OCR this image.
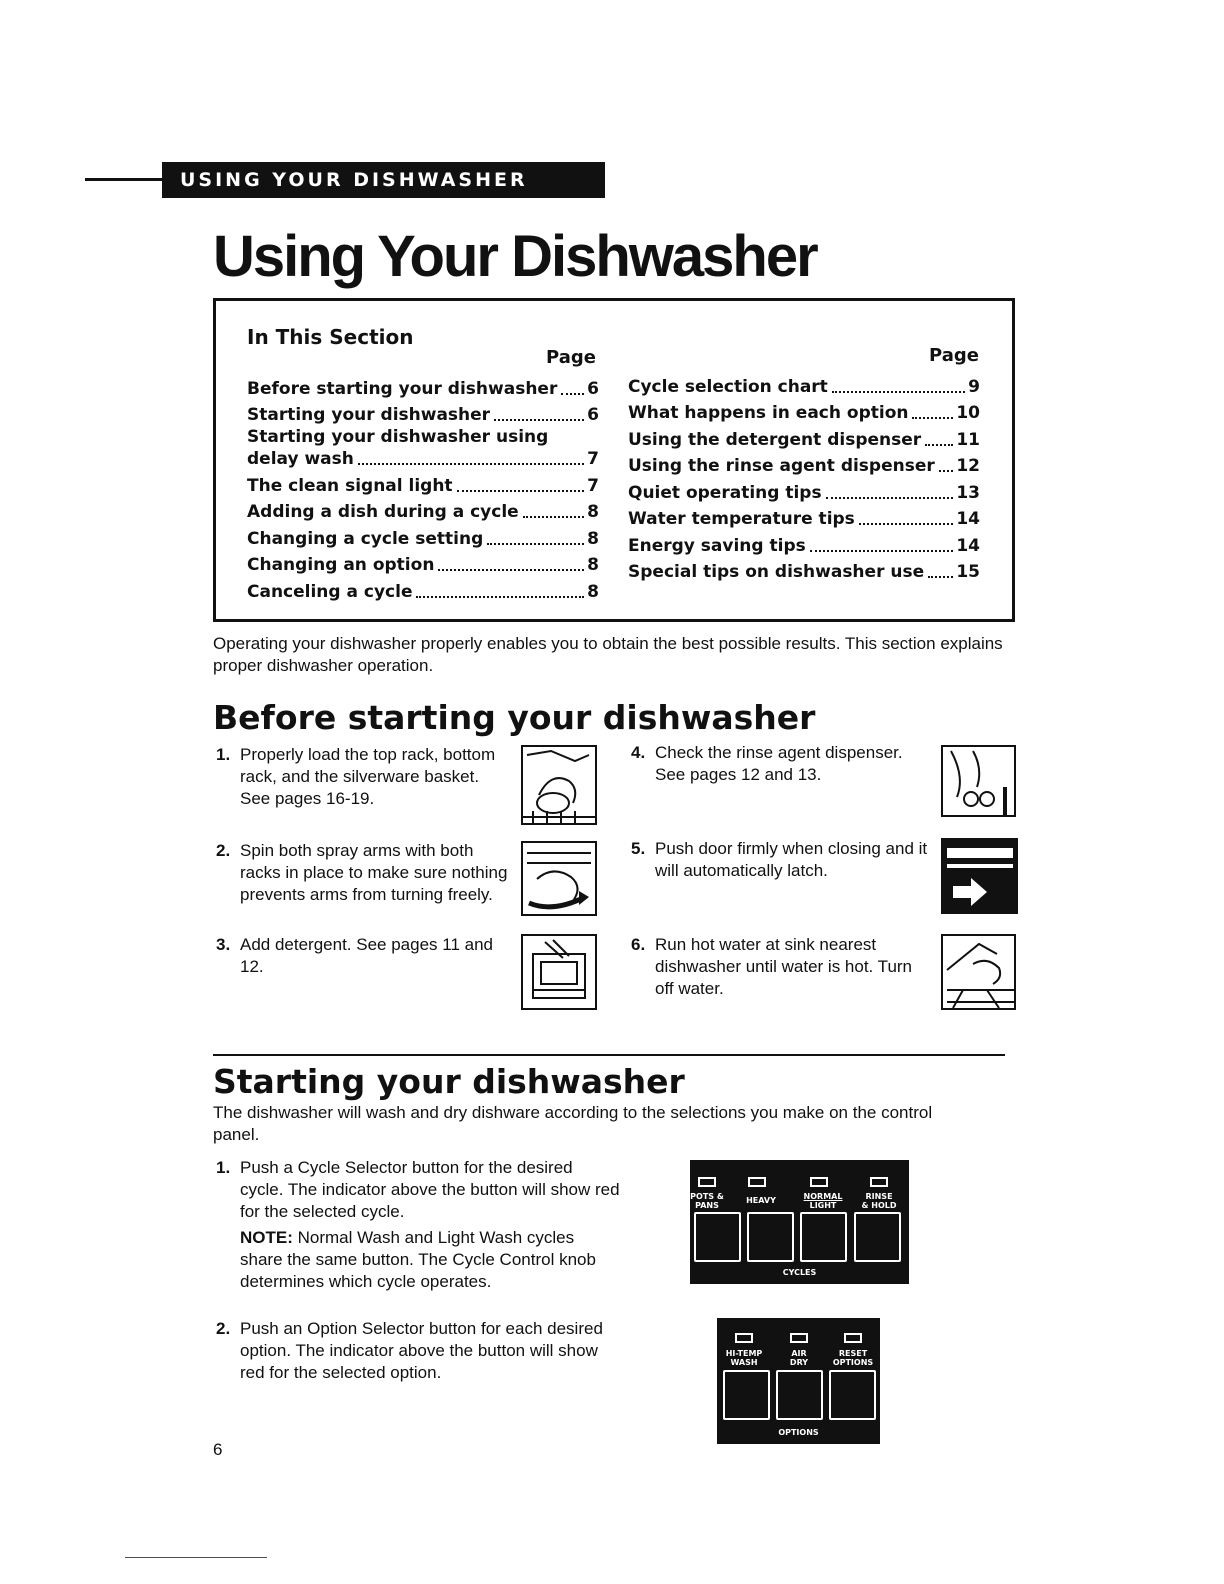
USING YOUR DISHWASHER
Using Your Dishwasher
In This Section
Page	Page
Before starting your dishwasher 6
Starting your dishwasher	6
Starting your dishwasher using
delay wash	7
The clean signal light	7
Adding a dish during a cycle	8
Changing a cycle setting	8
Changing an option	8
Canceling a cycle	8
Cycle selection chart	9
What happens in each option	10
Using the detergent dispenser 11
Using the rinse agent dispenser 12
Quiet operating tips	13
Water temperature tips	14
Energy saving tips	14
Special tips on dishwasher use 15

Operating your dishwasher properly enables you to obtain the best possible results. This section explains proper dishwasher operation.

Before starting your dishwasher
1. Properly load the top rack, bottom rack, and the silverware basket. See pages 16-19.
2. Spin both spray arms with both racks in place to make sure nothing prevents arms from turning freely.
3. Add detergent. See pages 11 and 12.
4. Check the rinse agent dispenser. See pages 12 and 13.
5. Push door firmly when closing and it will automatically latch.
6. Run hot water at sink nearest dishwasher until water is hot. Turn off water.
Starting your dishwasher

The dishwasher will wash and dry dishware according to the selections you make on the control panel.

1. Push a Cycle Selector button for the desired cycle. The indicator above the button will show red for the selected cycle.
NOTE: Normal Wash and Light Wash cycles share the same button. The Cycle Control knob determines which cycle operates.
2. Push an Option Selector button for each desired option. The indicator above the button will show red for the selected option.
POTS &
PANS
HEAVY	NORMAL
LIGHT
RINSE
& HOLD
CYCLES
HI-TEMP
WASH
AIR
DRY
RESET
OPTIONS
OPTIONS
6
